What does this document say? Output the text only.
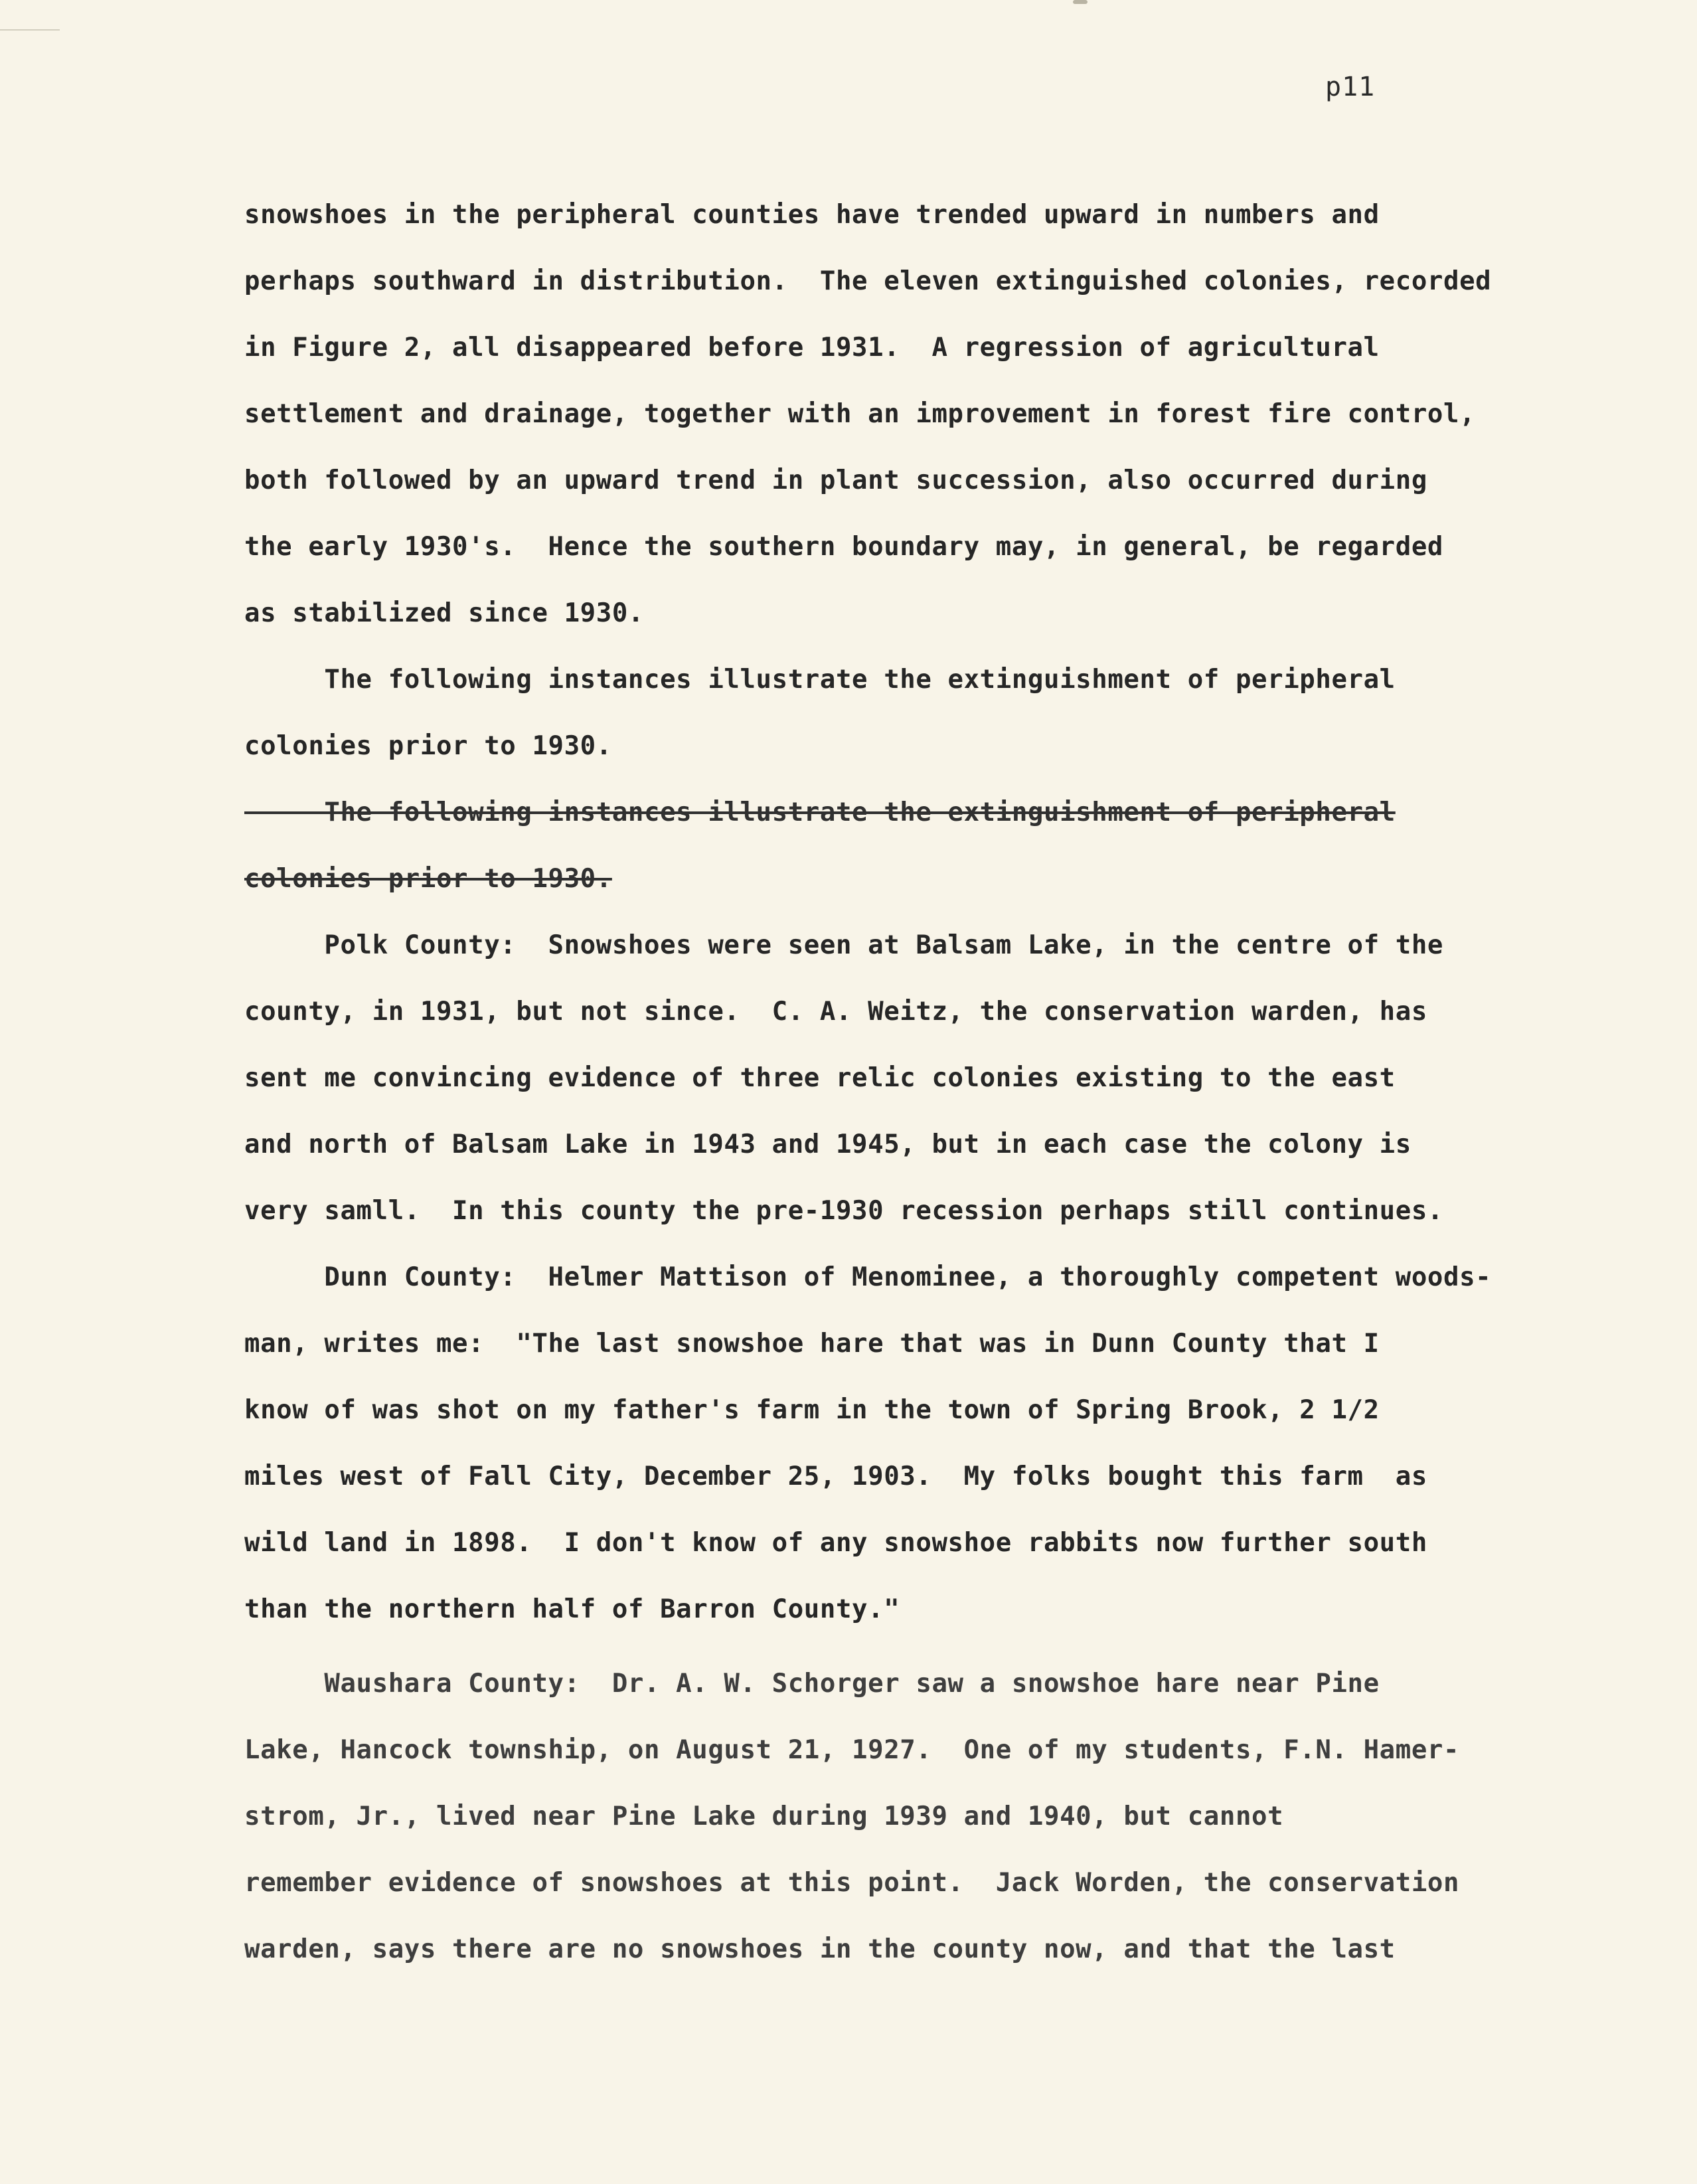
p11
snowshoes in the peripheral counties have trended upward in numbers and
perhaps southward in distribution.  The eleven extinguished colonies, recorded
in Figure 2, all disappeared before 1931.  A regression of agricultural
settlement and drainage, together with an improvement in forest fire control,
both followed by an upward trend in plant succession, also occurred during
the early 1930's.  Hence the southern boundary may, in general, be regarded
as stabilized since 1930.
The following instances illustrate the extinguishment of peripheral
colonies prior to 1930.
The following instances illustrate the extinguishment of peripheral
colonies prior to 1930.
Polk County:  Snowshoes were seen at Balsam Lake, in the centre of the
county, in 1931, but not since.  C. A. Weitz, the conservation warden, has
sent me convincing evidence of three relic colonies existing to the east
and north of Balsam Lake in 1943 and 1945, but in each case the colony is
very samll.  In this county the pre-1930 recession perhaps still continues.
Dunn County:  Helmer Mattison of Menominee, a thoroughly competent woods-
man, writes me:  "The last snowshoe hare that was in Dunn County that I
know of was shot on my father's farm in the town of Spring Brook, 2 1/2
miles west of Fall City, December 25, 1903.  My folks bought this farm  as
wild land in 1898.  I don't know of any snowshoe rabbits now further south
than the northern half of Barron County."
Waushara County:  Dr. A. W. Schorger saw a snowshoe hare near Pine
Lake, Hancock township, on August 21, 1927.  One of my students, F.N. Hamer-
strom, Jr., lived near Pine Lake during 1939 and 1940, but cannot
remember evidence of snowshoes at this point.  Jack Worden, the conservation
warden, says there are no snowshoes in the county now, and that the last
